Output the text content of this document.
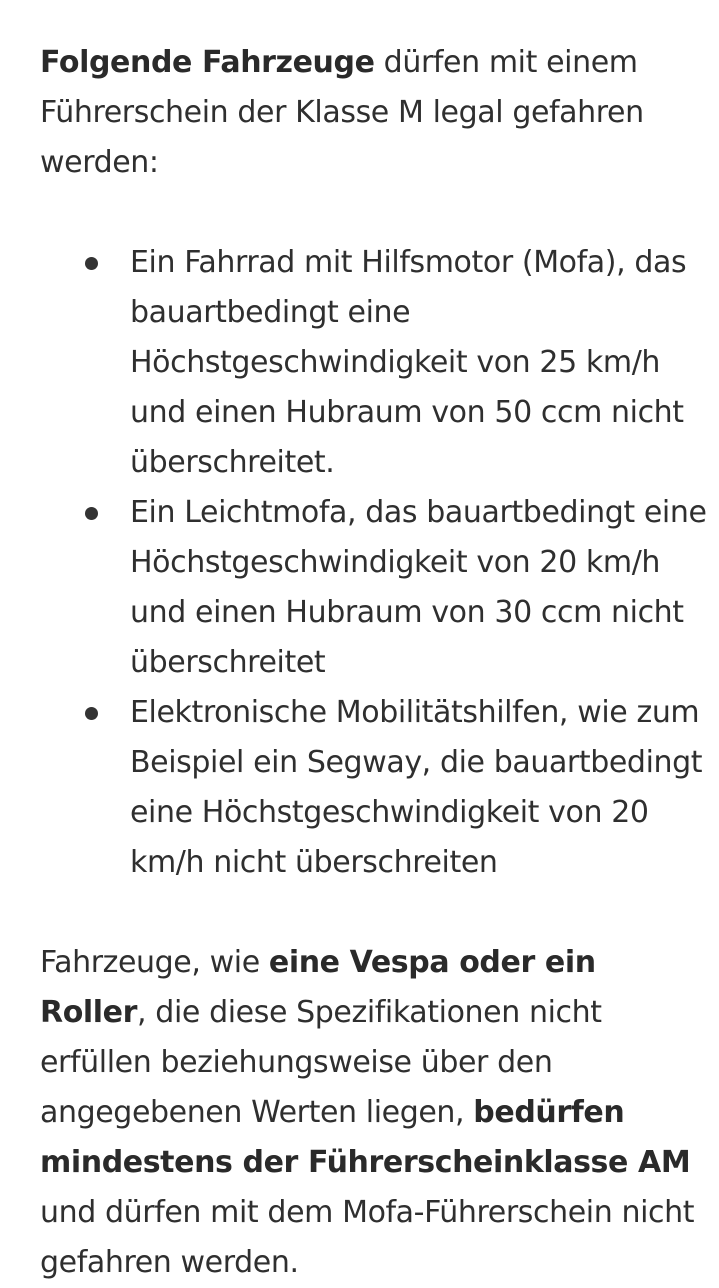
Folgende Fahrzeuge dürfen mit einem Führerschein der Klasse M legal gefahren werden:

Ein Fahrrad mit Hilfsmotor (Mofa), das bauartbedingt eine Höchstgeschwindigkeit von 25 km/h und einen Hubraum von 50 ccm nicht überschreitet.
Ein Leichtmofa, das bauartbedingt eine Höchstgeschwindigkeit von 20 km/h und einen Hubraum von 30 ccm nicht überschreitet
Elektronische Mobilitätshilfen, wie zum Beispiel ein Segway, die bauartbedingt eine Höchstgeschwindigkeit von 20 km/h nicht überschreiten

Fahrzeuge, wie eine Vespa oder ein Roller, die diese Spezifikationen nicht erfüllen beziehungsweise über den angegebenen Werten liegen, bedürfen mindestens der Führerscheinklasse AM und dürfen mit dem Mofa-Führerschein nicht gefahren werden.
